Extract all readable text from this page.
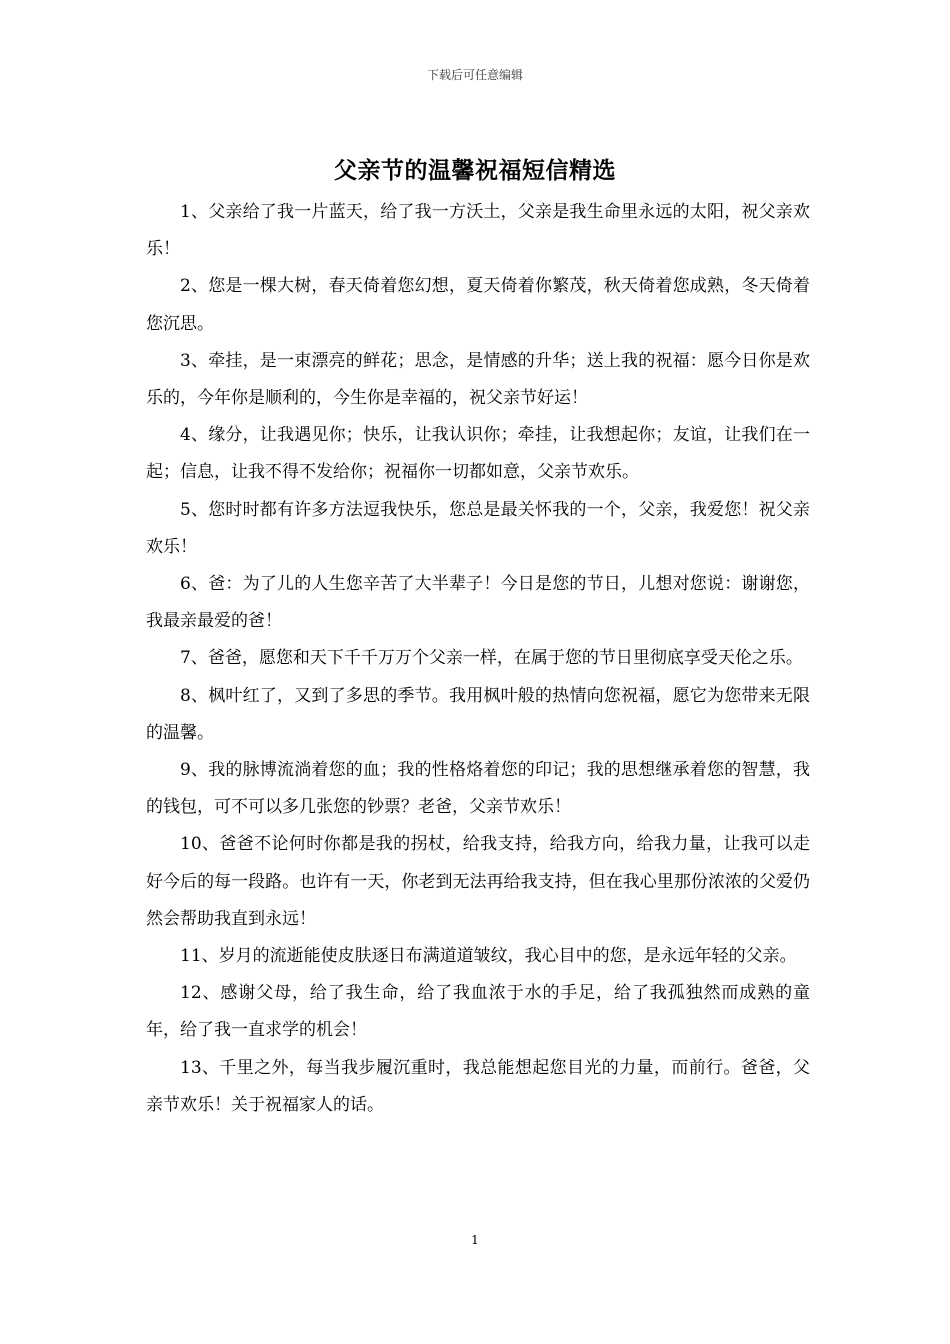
下载后可任意编辑
父亲节的温馨祝福短信精选

1、父亲给了我一片蓝天，给了我一方沃土，父亲是我生命里永远的太阳，祝父亲欢乐！

2、您是一棵大树，春天倚着您幻想，夏天倚着你繁茂，秋天倚着您成熟，冬天倚着您沉思。

3、牵挂，是一束漂亮的鲜花；思念，是情感的升华；送上我的祝福：愿今日你是欢乐的，今年你是顺利的，今生你是幸福的，祝父亲节好运！

4、缘分，让我遇见你；快乐，让我认识你；牵挂，让我想起你；友谊，让我们在一起；信息，让我不得不发给你；祝福你一切都如意，父亲节欢乐。

5、您时时都有许多方法逗我快乐，您总是最关怀我的一个，父亲，我爱您！祝父亲欢乐！

6、爸：为了儿的人生您辛苦了大半辈子！今日是您的节日，儿想对您说：谢谢您，我最亲最爱的爸！

7、爸爸，愿您和天下千千万万个父亲一样，在属于您的节日里彻底享受天伦之乐。

8、枫叶红了，又到了多思的季节。我用枫叶般的热情向您祝福，愿它为您带来无限的温馨。

9、我的脉博流淌着您的血；我的性格烙着您的印记；我的思想继承着您的智慧，我的钱包，可不可以多几张您的钞票？老爸，父亲节欢乐！

10、爸爸不论何时你都是我的拐杖，给我支持，给我方向，给我力量，让我可以走好今后的每一段路。也许有一天，你老到无法再给我支持，但在我心里那份浓浓的父爱仍然会帮助我直到永远！

11、岁月的流逝能使皮肤逐日布满道道皱纹，我心目中的您，是永远年轻的父亲。

12、感谢父母，给了我生命，给了我血浓于水的手足，给了我孤独然而成熟的童年，给了我一直求学的机会！

13、千里之外，每当我步履沉重时，我总能想起您目光的力量，而前行。爸爸，父亲节欢乐！关于祝福家人的话。

1
